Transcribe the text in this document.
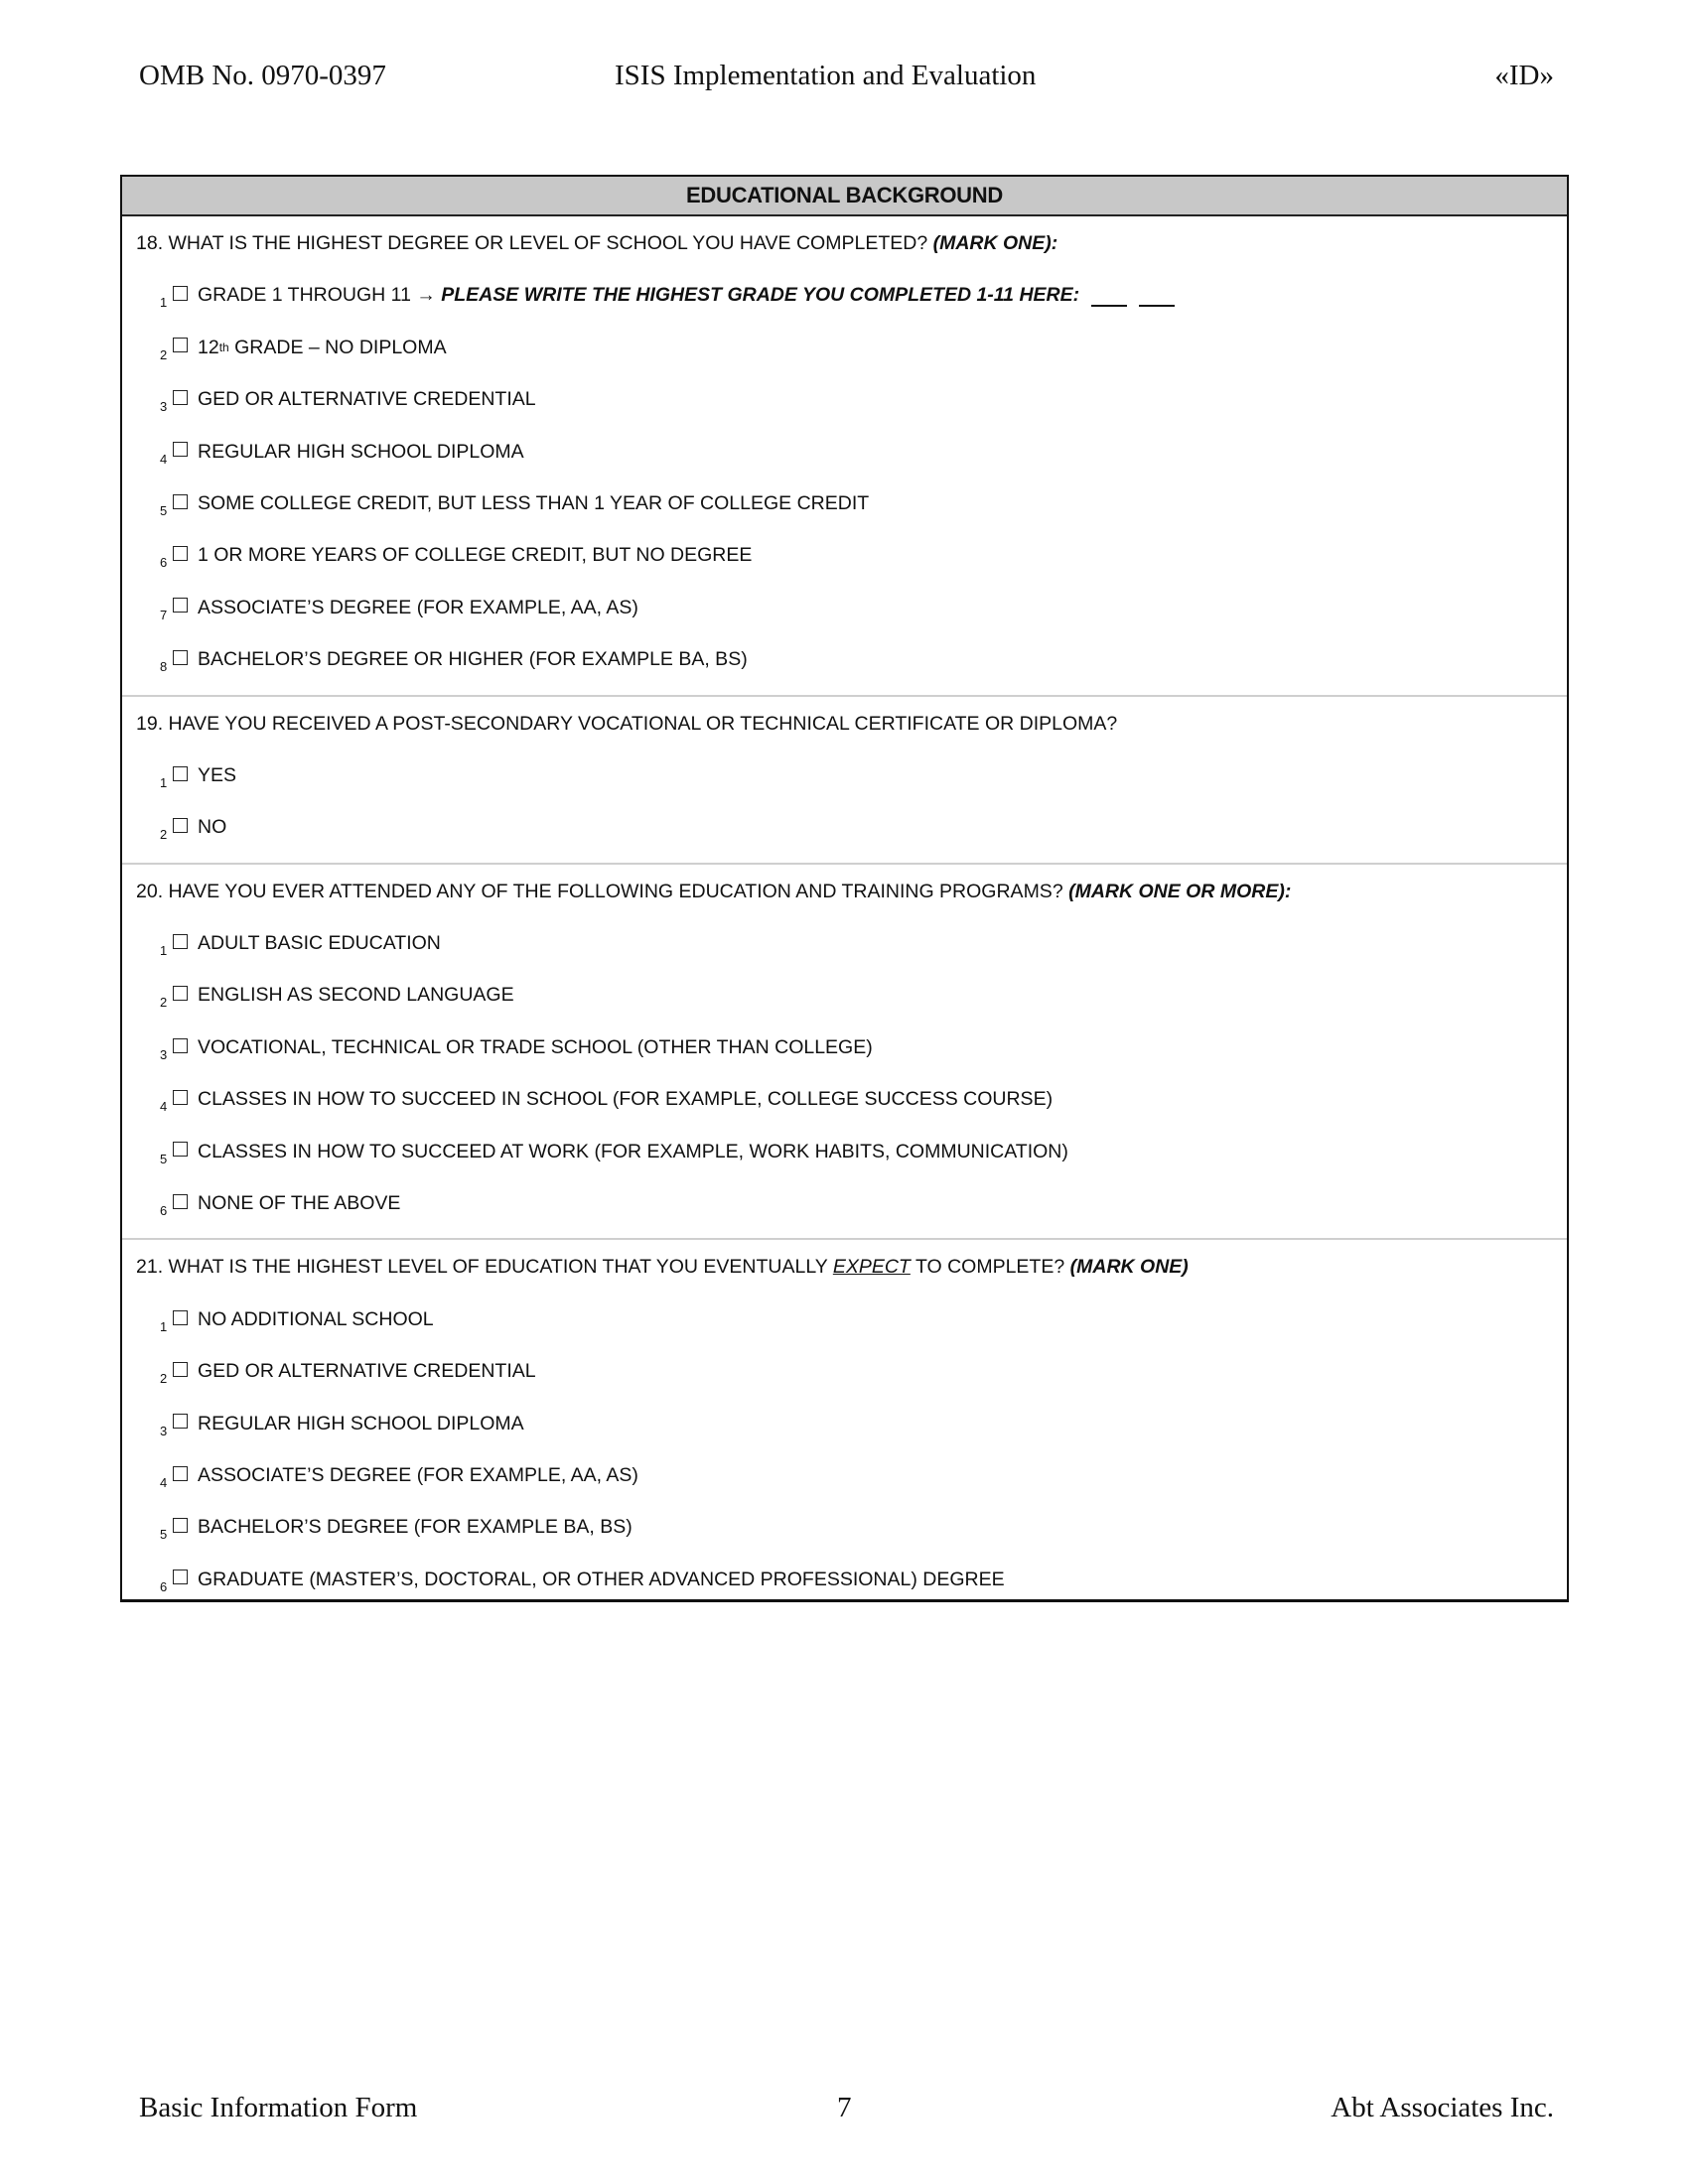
OMB No. 0970-0397	ISIS Implementation and Evaluation	«ID»
EDUCATIONAL BACKGROUND
18. WHAT IS THE HIGHEST DEGREE OR LEVEL OF SCHOOL YOU HAVE COMPLETED? (MARK ONE):
1 GRADE 1 THROUGH 11
→
PLEASE WRITE THE HIGHEST GRADE YOU COMPLETED 1-11 HERE:
2 12 th
GRADE – NO DIPLOMA
3 GED OR ALTERNATIVE CREDENTIAL
4 REGULAR HIGH SCHOOL DIPLOMA
5 SOME COLLEGE CREDIT, BUT LESS THAN 1 YEAR OF COLLEGE CREDIT
6 1 OR MORE YEARS OF COLLEGE CREDIT, BUT NO DEGREE
7 ASSOCIATE’S DEGREE (FOR EXAMPLE, AA, AS)
8 BACHELOR’S DEGREE OR HIGHER (FOR EXAMPLE BA, BS)
19. HAVE YOU RECEIVED A POST-SECONDARY VOCATIONAL OR TECHNICAL CERTIFICATE OR DIPLOMA?
1 YES
2 NO
20. HAVE YOU EVER ATTENDED ANY OF THE FOLLOWING EDUCATION AND TRAINING PROGRAMS? (MARK ONE OR MORE):
1 ADULT BASIC EDUCATION
2 ENGLISH AS SECOND LANGUAGE
3 VOCATIONAL, TECHNICAL OR TRADE SCHOOL (OTHER THAN COLLEGE)
4 CLASSES IN HOW TO SUCCEED IN SCHOOL (FOR EXAMPLE, COLLEGE SUCCESS COURSE)
5 CLASSES IN HOW TO SUCCEED AT WORK (FOR EXAMPLE, WORK HABITS, COMMUNICATION)
6 NONE OF THE ABOVE
21. WHAT IS THE HIGHEST LEVEL OF EDUCATION THAT YOU EVENTUALLY EXPECT TO COMPLETE? (MARK ONE)
1 NO ADDITIONAL SCHOOL
2 GED OR ALTERNATIVE CREDENTIAL
3 REGULAR HIGH SCHOOL DIPLOMA
4 ASSOCIATE’S DEGREE (FOR EXAMPLE, AA, AS)
5 BACHELOR’S DEGREE (FOR EXAMPLE BA, BS)
6 GRADUATE (MASTER’S, DOCTORAL, OR OTHER ADVANCED PROFESSIONAL) DEGREE
Basic Information Form	7	Abt Associates Inc.
